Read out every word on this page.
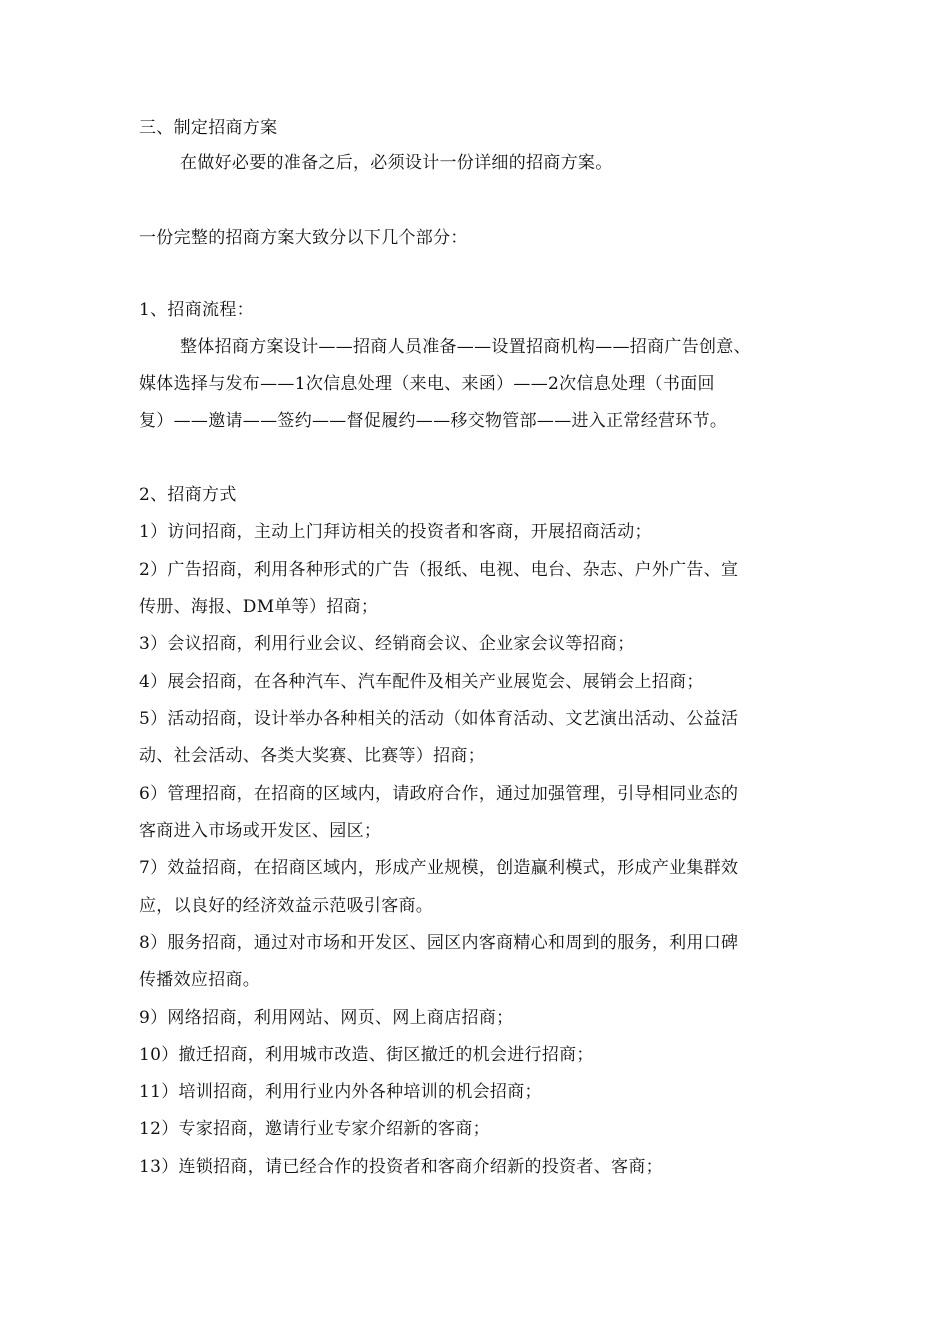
三、制定招商方案
在做好必要的准备之后，必须设计一份详细的招商方案。
一份完整的招商方案大致分以下几个部分：
1、招商流程：
整体招商方案设计——招商人员准备——设置招商机构——招商广告创意、
媒体选择与发布——1次信息处理（来电、来函）——2次信息处理（书面回
复）——邀请——签约——督促履约——移交物管部——进入正常经营环节。
2、招商方式
1）访问招商，主动上门拜访相关的投资者和客商，开展招商活动；
2）广告招商，利用各种形式的广告（报纸、电视、电台、杂志、户外广告、宣
传册、海报、DM单等）招商；
3）会议招商，利用行业会议、经销商会议、企业家会议等招商；
4）展会招商，在各种汽车、汽车配件及相关产业展览会、展销会上招商；
5）活动招商，设计举办各种相关的活动（如体育活动、文艺演出活动、公益活
动、社会活动、各类大奖赛、比赛等）招商；
6）管理招商，在招商的区域内，请政府合作，通过加强管理，引导相同业态的
客商进入市场或开发区、园区；
7）效益招商，在招商区域内，形成产业规模，创造赢利模式，形成产业集群效
应，以良好的经济效益示范吸引客商。
8）服务招商，通过对市场和开发区、园区内客商精心和周到的服务，利用口碑
传播效应招商。
9）网络招商，利用网站、网页、网上商店招商；
10）撤迁招商，利用城市改造、街区撤迁的机会进行招商；
11）培训招商，利用行业内外各种培训的机会招商；
12）专家招商，邀请行业专家介绍新的客商；
13）连锁招商，请已经合作的投资者和客商介绍新的投资者、客商；
